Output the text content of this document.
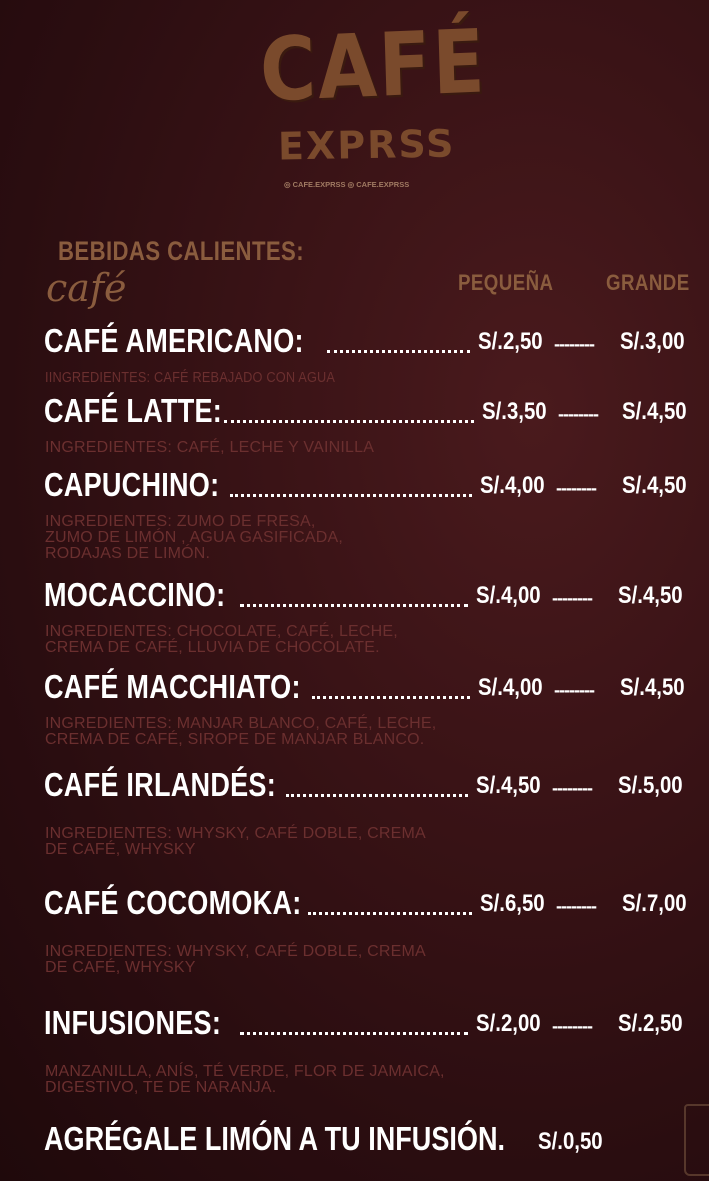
CAFÉ
EXPRSS
◎ CAFE.EXPRSS ◎ CAFE.EXPRSS
BEBIDAS CALIENTES:
café	PEQUEÑA GRANDE
CAFÉ AMERICANO:	S/.2,50 -------- S/.3,00
IINGREDIENTES: CAFÉ REBAJADO CON AGUA
CAFÉ LATTE:	S/.3,50 -------- S/.4,50
INGREDIENTES: CAFÉ, LECHE Y VAINILLA
CAPUCHINO:	S/.4,00 -------- S/.4,50
INGREDIENTES: ZUMO DE FRESA,
ZUMO DE LIMÓN , AGUA GASIFICADA,
RODAJAS DE LIMÓN.
MOCACCINO:	S/.4,00 -------- S/.4,50
INGREDIENTES: CHOCOLATE, CAFÉ, LECHE,
CREMA DE CAFÉ, LLUVIA DE CHOCOLATE.
CAFÉ MACCHIATO:	S/.4,00 -------- S/.4,50
INGREDIENTES: MANJAR BLANCO, CAFÉ, LECHE,
CREMA DE CAFÉ, SIROPE DE MANJAR BLANCO.
CAFÉ IRLANDÉS:	S/.4,50 -------- S/.5,00
INGREDIENTES: WHYSKY, CAFÉ DOBLE, CREMA
DE CAFÉ, WHYSKY
CAFÉ COCOMOKA:	S/.6,50 -------- S/.7,00
INGREDIENTES: WHYSKY, CAFÉ DOBLE, CREMA
DE CAFÉ, WHYSKY
INFUSIONES:	S/.2,00 -------- S/.2,50
MANZANILLA, ANÍS, TÉ VERDE, FLOR DE JAMAICA,
DIGESTIVO, TE DE NARANJA.
AGRÉGALE LIMÓN A TU INFUSIÓN. S/.0,50
